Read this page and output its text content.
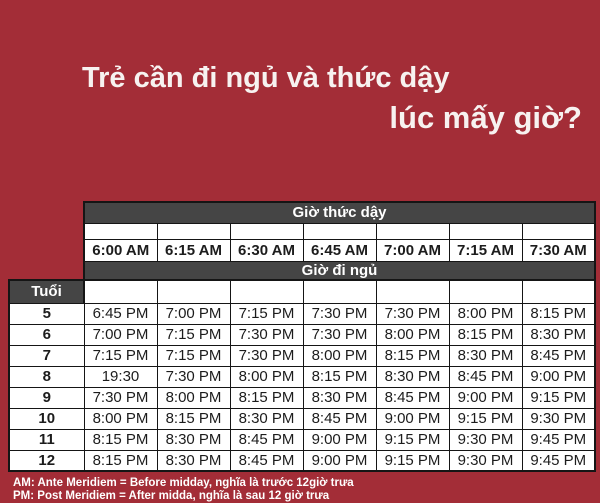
Trẻ cần đi ngủ và thức dậy
lúc mấy giờ?
	Giờ thức dậy						

	6:00 AM	6:15 AM	6:30 AM	6:45 AM	7:00 AM	7:15 AM	7:30 AM
	Giờ đi ngủ						
Tuổi							
5	6:45 PM	7:00 PM	7:15 PM	7:30 PM	7:30 PM	8:00 PM	8:15 PM
6	7:00 PM	7:15 PM	7:30 PM	7:30 PM	8:00 PM	8:15 PM	8:30 PM
7	7:15 PM	7:15 PM	7:30 PM	8:00 PM	8:15 PM	8:30 PM	8:45 PM
8	19:30	7:30 PM	8:00 PM	8:15 PM	8:30 PM	8:45 PM	9:00 PM
9	7:30 PM	8:00 PM	8:15 PM	8:30 PM	8:45 PM	9:00 PM	9:15 PM
10	8:00 PM	8:15 PM	8:30 PM	8:45 PM	9:00 PM	9:15 PM	9:30 PM
11	8:15 PM	8:30 PM	8:45 PM	9:00 PM	9:15 PM	9:30 PM	9:45 PM
12	8:15 PM	8:30 PM	8:45 PM	9:00 PM	9:15 PM	9:30 PM	9:45 PM
AM: Ante Meridiem = Before midday, nghĩa là trước 12giờ trưa
PM: Post Meridiem = After midda, nghĩa là sau 12 giờ trưa
